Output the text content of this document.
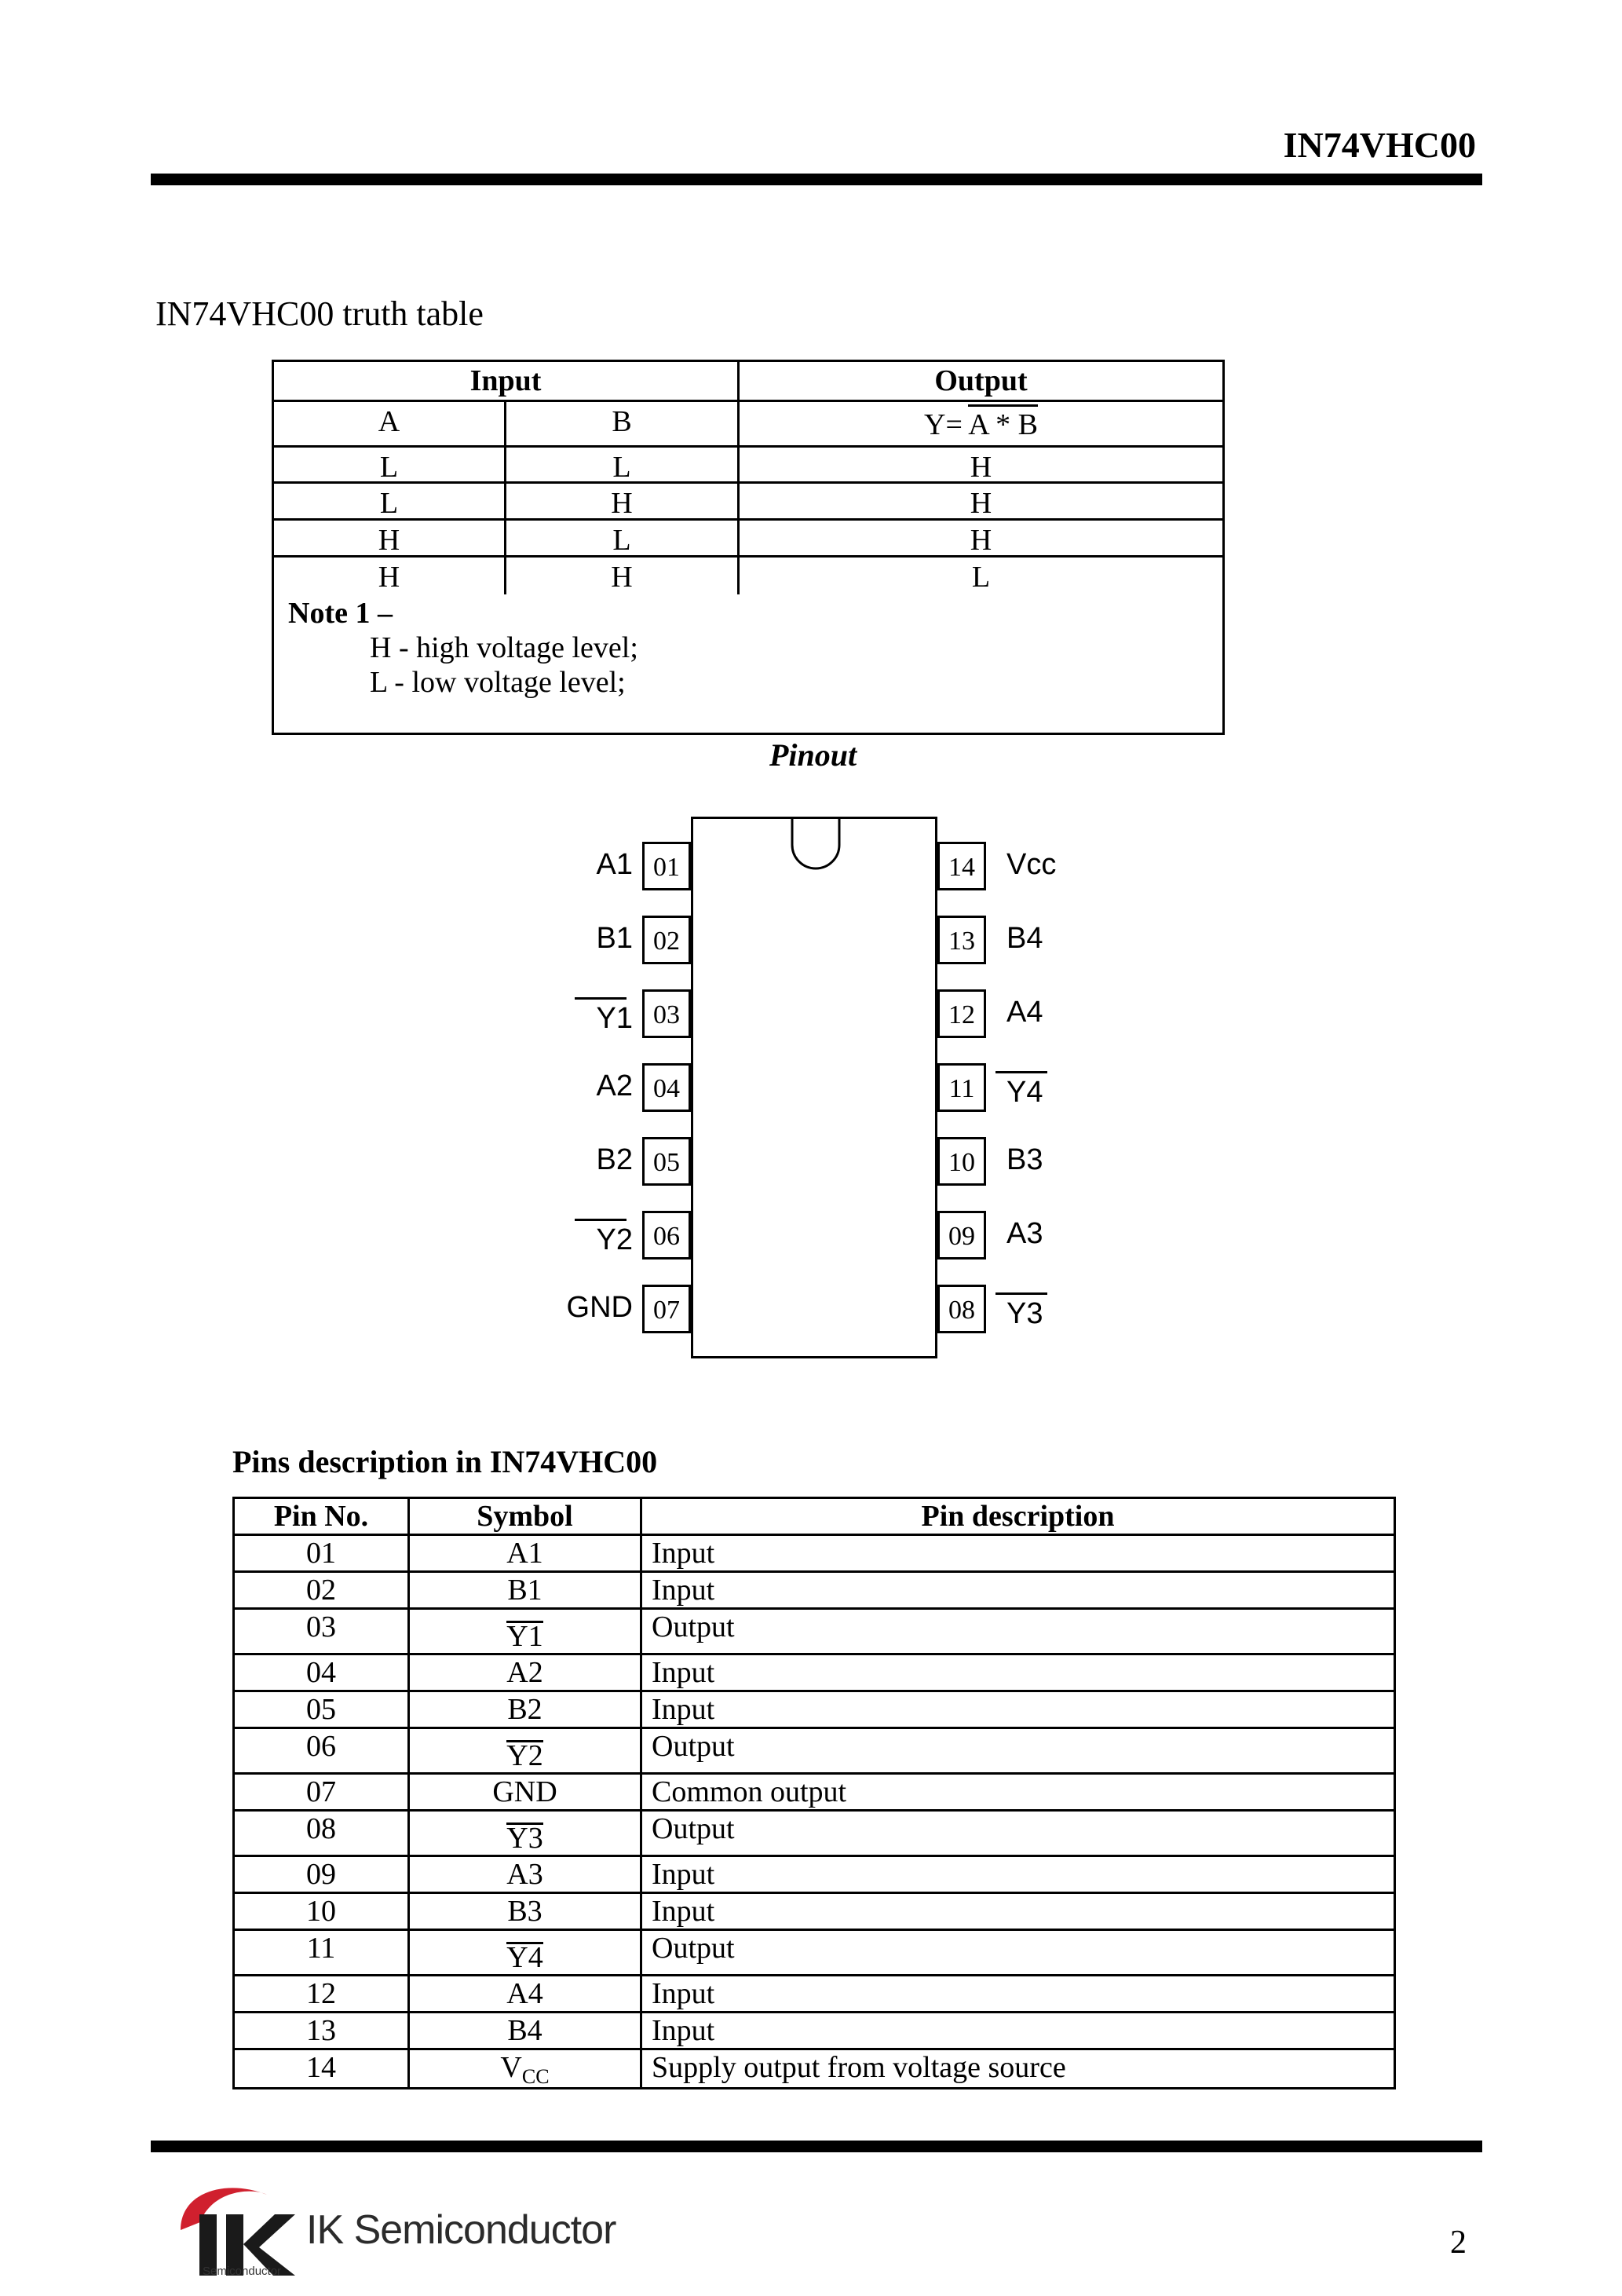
IN74VHC00
IN74VHC00 truth table
Input	Output
A	B	Y= A * B
L	L	H
L	H	H
H	L	H
H	H	L
Note 1 –
H - high voltage level;
L - low voltage level;
Pinout
01
A1
02
B1
03
Y1
04
A2
05
B2
06
Y2
07
GND
14	Vcc
13	B4
12	A4
11	Y4
10	B3
09	A3
08	Y3
Pins description in IN74VHC00
Pin No.	Symbol	Pin description
01	A1	Input
02	B1	Input
03	Y1	Output
04	A2	Input
05	B2	Input
06	Y2	Output
07	GND	Common output
08	Y3	Output
09	A3	Input
10	B3	Input
11	Y4	Output
12	A4	Input
13	B4	Input
14	$V_{CC}$	Supply output from voltage source
IK Semiconductor
Semiconductor
2
